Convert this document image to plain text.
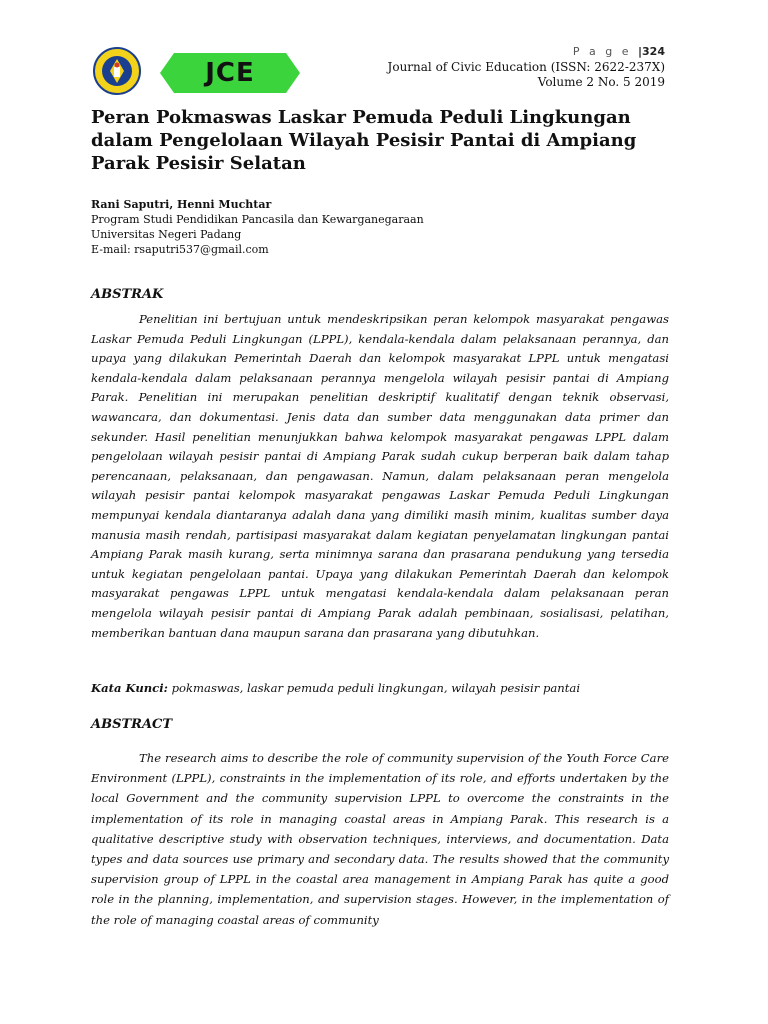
JCE
P a g e |324
Journal of Civic Education (ISSN: 2622-237X)
Volume 2 No. 5 2019
Peran Pokmaswas Laskar Pemuda Peduli Lingkungan dalam Pengelolaan Wilayah Pesisir Pantai di Ampiang Parak Pesisir Selatan
Rani Saputri, Henni Muchtar
Program Studi Pendidikan Pancasila dan Kewarganegaraan
Universitas Negeri Padang
E-mail: rsaputri537@gmail.com
ABSTRAK
Penelitian ini bertujuan untuk mendeskripsikan peran kelompok masyarakat pengawas Laskar Pemuda Peduli Lingkungan (LPPL), kendala-kendala dalam pelaksanaan perannya, dan upaya yang dilakukan Pemerintah Daerah dan kelompok masyarakat LPPL untuk mengatasi kendala-kendala dalam pelaksanaan perannya mengelola wilayah pesisir pantai di Ampiang Parak. Penelitian ini merupakan penelitian deskriptif kualitatif dengan teknik observasi, wawancara, dan dokumentasi. Jenis data dan sumber data menggunakan data primer dan sekunder. Hasil penelitian menunjukkan bahwa kelompok masyarakat pengawas LPPL dalam pengelolaan wilayah pesisir pantai di Ampiang Parak sudah cukup berperan baik dalam tahap perencanaan, pelaksanaan, dan pengawasan. Namun, dalam pelaksanaan peran mengelola wilayah pesisir pantai kelompok masyarakat pengawas Laskar Pemuda Peduli Lingkungan mempunyai kendala diantaranya adalah dana yang dimiliki masih minim, kualitas sumber daya manusia masih rendah, partisipasi masyarakat dalam kegiatan penyelamatan lingkungan pantai Ampiang Parak masih kurang, serta minimnya sarana dan prasarana pendukung yang tersedia untuk kegiatan pengelolaan pantai. Upaya yang dilakukan Pemerintah Daerah dan kelompok masyarakat pengawas LPPL untuk mengatasi kendala-kendala dalam pelaksanaan peran mengelola wilayah pesisir pantai di Ampiang Parak adalah pembinaan, sosialisasi, pelatihan, memberikan bantuan dana maupun sarana dan prasarana yang dibutuhkan.
Kata Kunci: pokmaswas, laskar pemuda peduli lingkungan, wilayah pesisir pantai
ABSTRACT
The research aims to describe the role of community supervision of the Youth Force Care Environment (LPPL), constraints in the implementation of its role, and efforts undertaken by the local Government and the community supervision LPPL to overcome the constraints in the implementation of its role in managing coastal areas in Ampiang Parak. This research is a qualitative descriptive study with observation techniques, interviews, and documentation. Data types and data sources use primary and secondary data. The results showed that the community supervision group of LPPL in the coastal area management in Ampiang Parak has quite a good role in the planning, implementation, and supervision stages. However, in the implementation of the role of managing coastal areas of community
